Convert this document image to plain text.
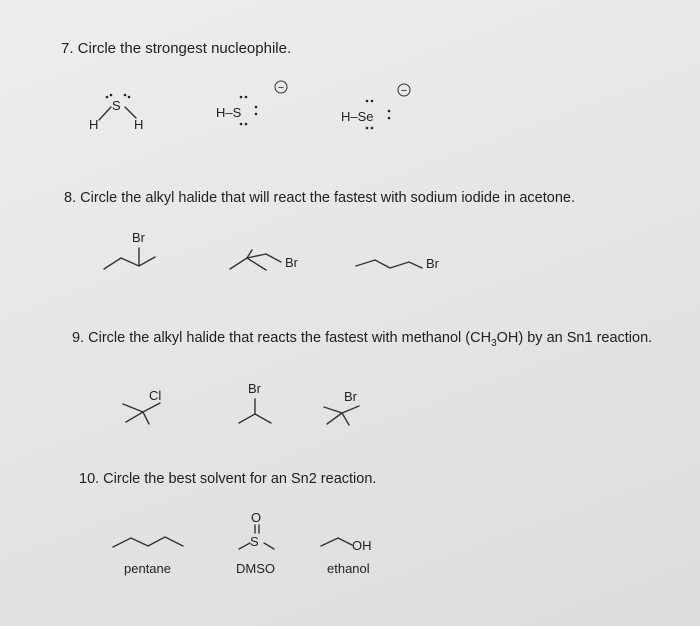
7. Circle the strongest nucleophile.
8. Circle the alkyl halide that will react the fastest with sodium iodide in acetone.
9. Circle the alkyl halide that reacts the fastest with methanol $(CH_3OH)$ by an Sn1 reaction.
10. Circle the best solvent for an Sn2 reaction.
H
S
H
H–S
−
H–Se
−
Br
Br	Br
Cl	Br
Br
pentane
O
S
DMSO
OH
ethanol
